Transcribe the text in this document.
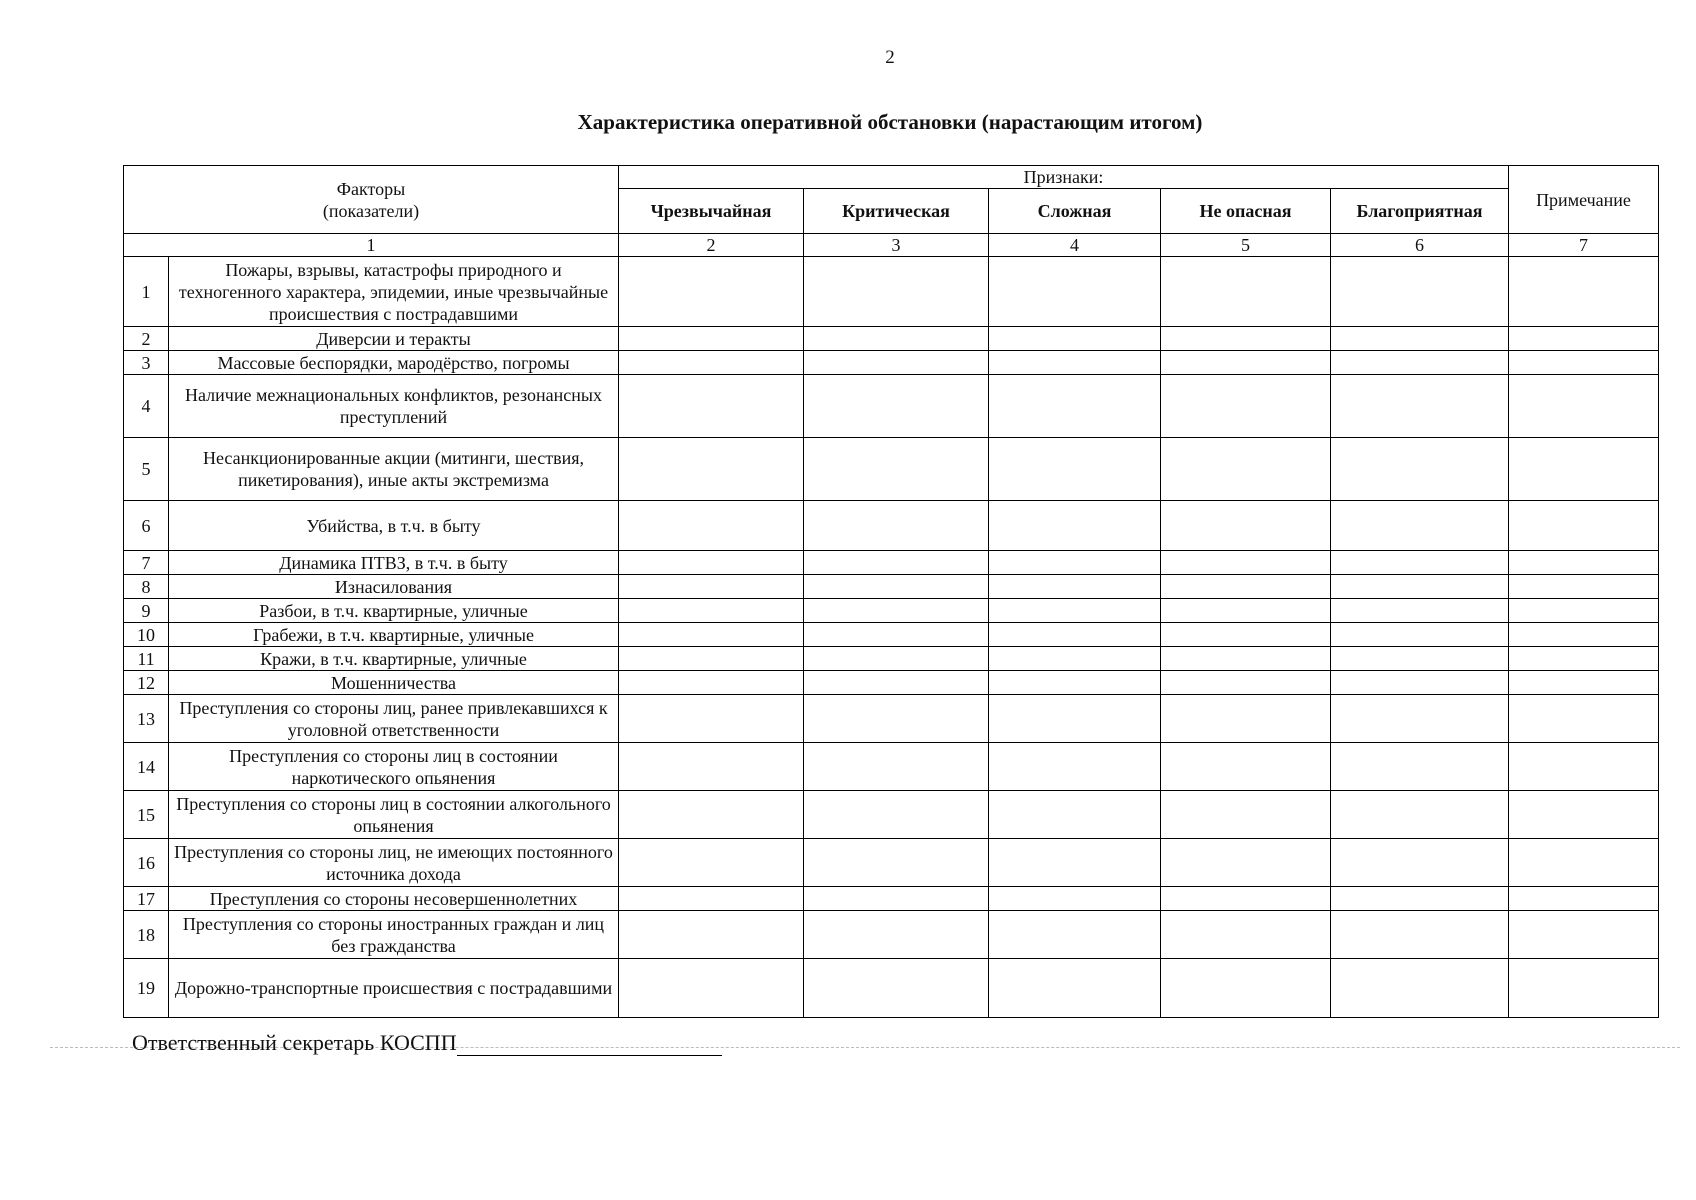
2
Характеристика оперативной обстановки (нарастающим итогом)
Факторы
(показатели)		Признаки:					Примечание
		Чрезвычайная	Критическая	Сложная	Не опасная	Благоприятная	
1		2	3	4	5	6	7
1	Пожары, взрывы, катастрофы природного и техногенного характера, эпидемии, иные чрезвычайные происшествия с пострадавшими						
2	Диверсии и теракты						
3	Массовые беспорядки, мародёрство, погромы						
4	Наличие межнациональных конфликтов, резонансных преступлений						
5	Несанкционированные акции (митинги, шествия, пикетирования), иные акты экстремизма						
6	Убийства, в т.ч. в быту						
7	Динамика ПТВЗ, в т.ч. в быту						
8	Изнасилования						
9	Разбои, в т.ч. квартирные, уличные						
10	Грабежи, в т.ч. квартирные, уличные						
11	Кражи, в т.ч. квартирные, уличные						
12	Мошенничества						
13	Преступления со стороны лиц, ранее привлекавшихся к уголовной ответственности						
14	Преступления со стороны лиц в состоянии наркотического опьянения						
15	Преступления со стороны лиц в состоянии алкогольного опьянения						
16	Преступления со стороны лиц, не имеющих постоянного источника дохода						
17	Преступления со стороны несовершеннолетних						
18	Преступления со стороны иностранных граждан и лиц без гражданства						
19	Дорожно-транспортные происшествия с пострадавшими						
Ответственный секретарь КОСПП
